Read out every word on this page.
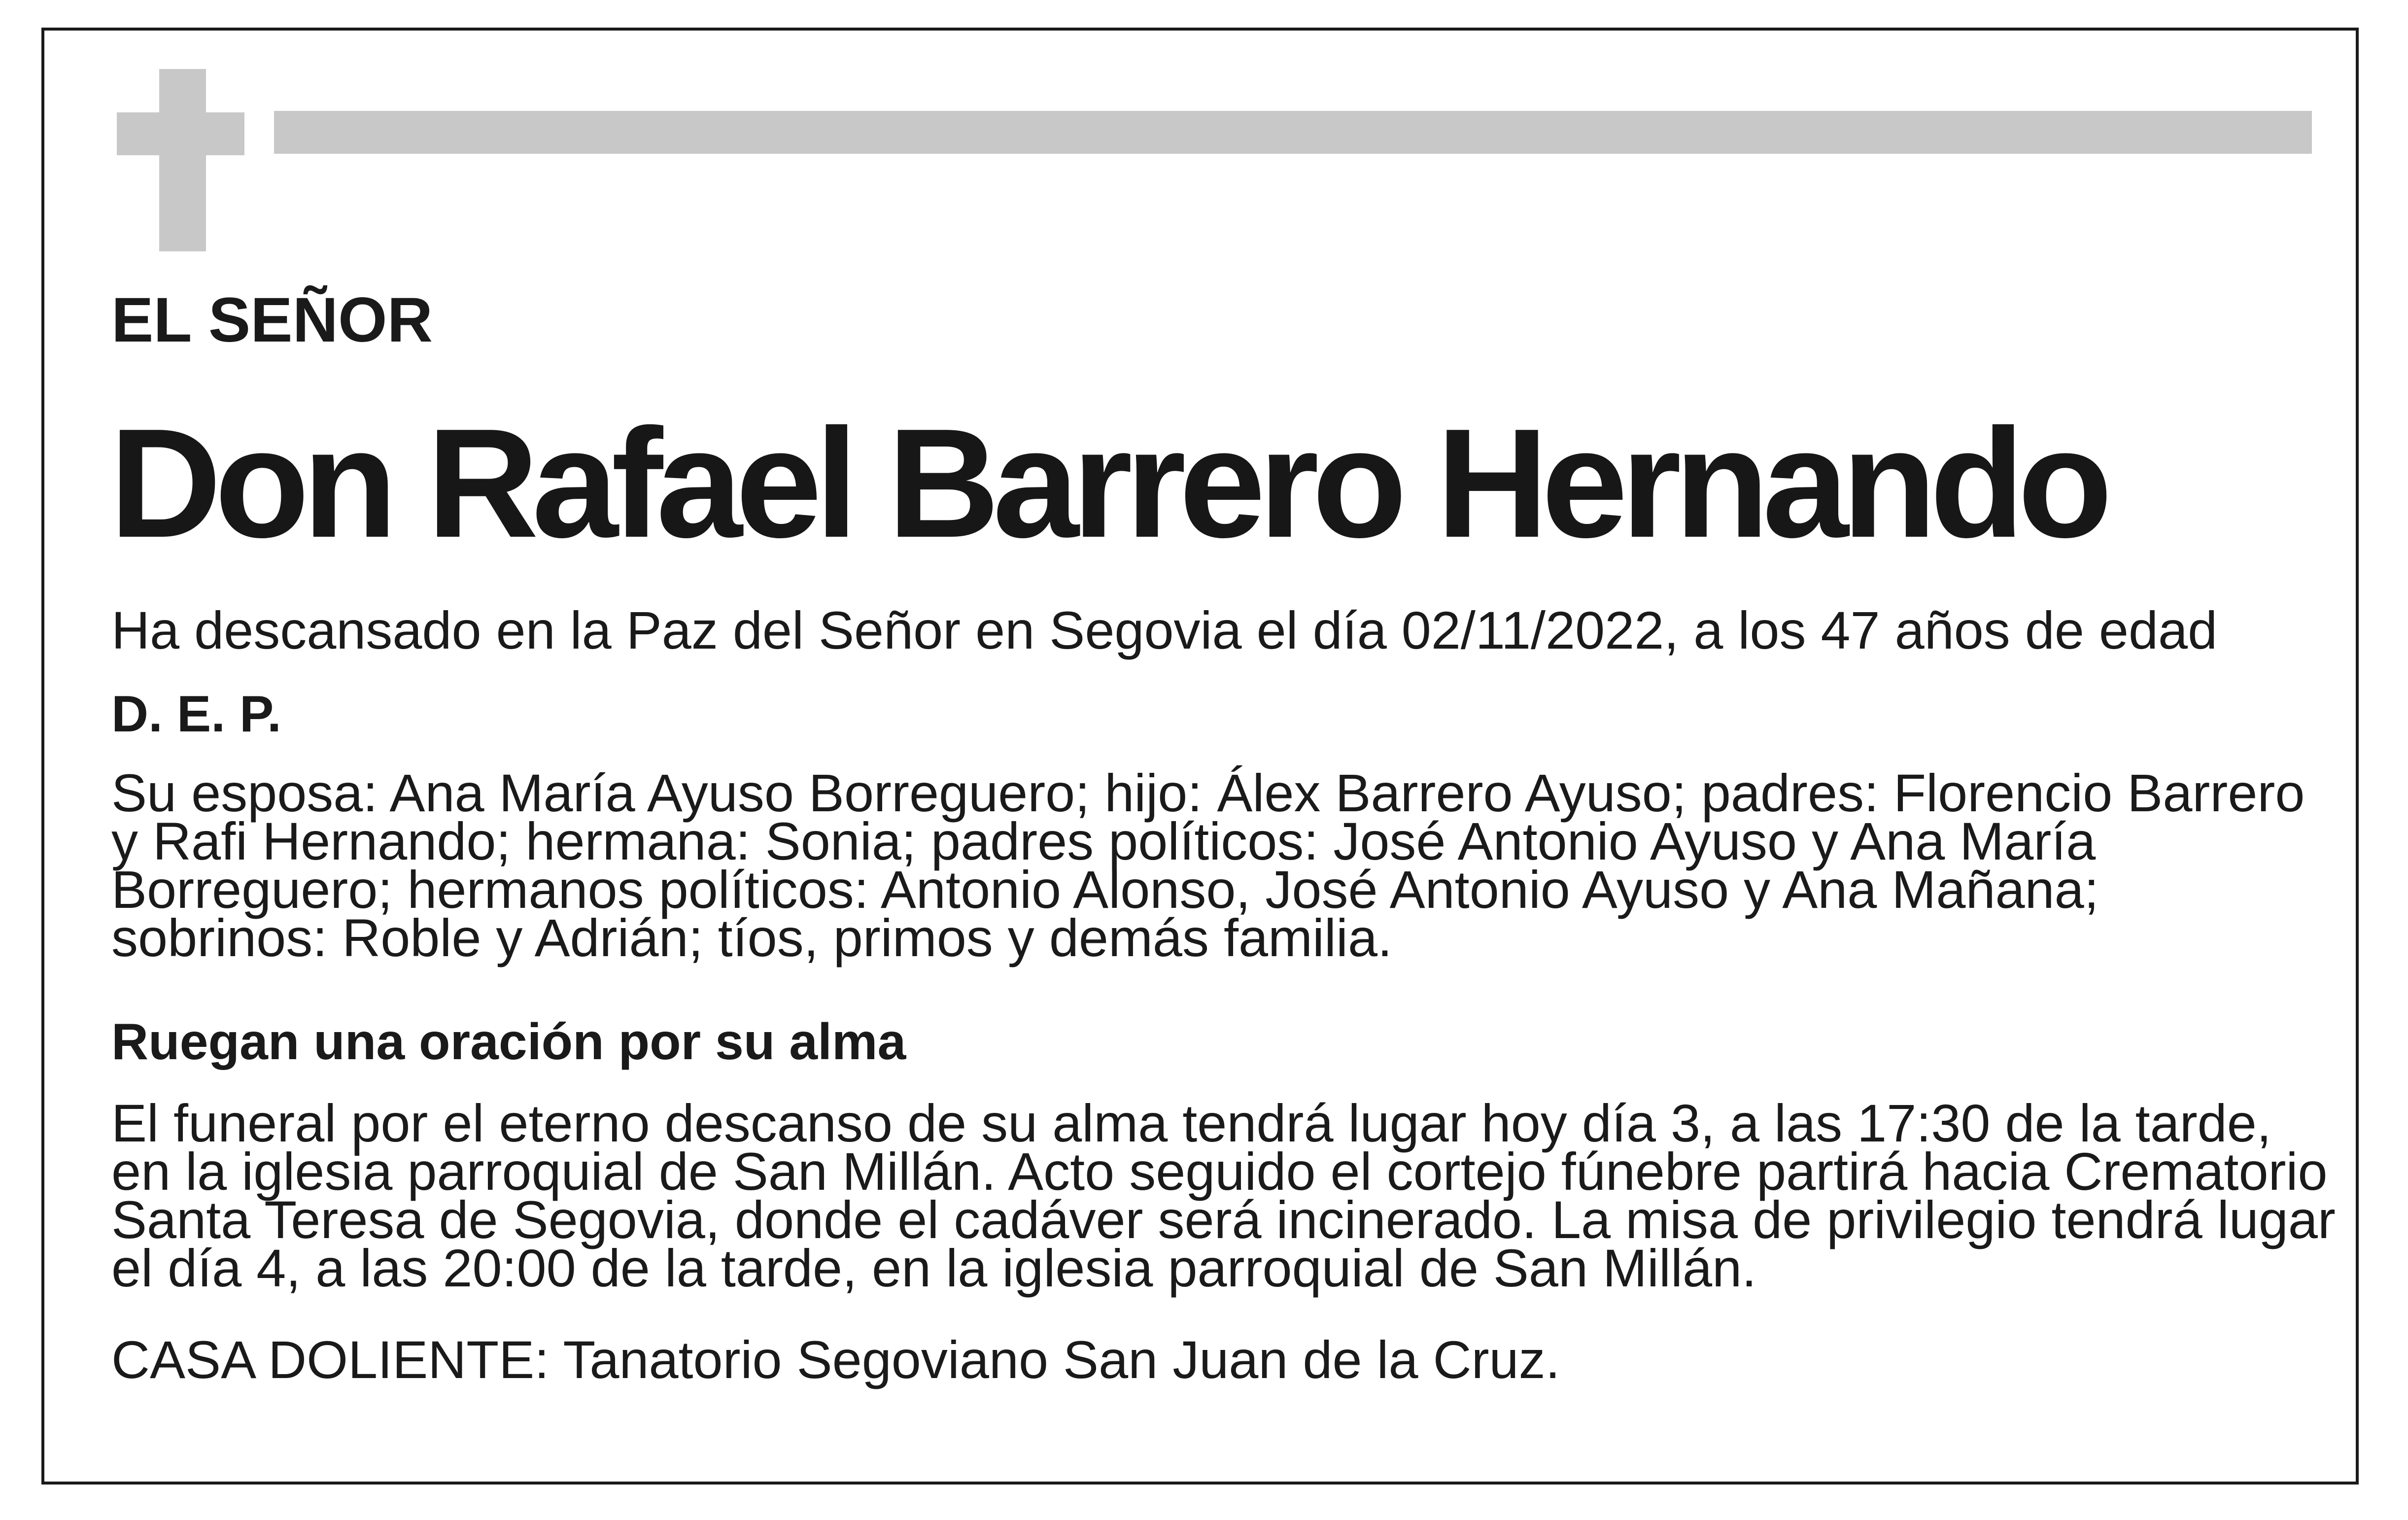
EL SEÑOR
Don Rafael Barrero Hernando
Ha descansado en la Paz del Señor en Segovia el día 02/11/2022, a los 47 años de edad
D. E. P.
Su esposa: Ana María Ayuso Borreguero; hijo: Álex Barrero Ayuso; padres: Florencio Barrero
y Rafi Hernando; hermana: Sonia; padres políticos: José Antonio Ayuso y Ana María
Borreguero; hermanos políticos: Antonio Alonso, José Antonio Ayuso y Ana Mañana;
sobrinos: Roble y Adrián; tíos, primos y demás familia.
Ruegan una oración por su alma
El funeral por el eterno descanso de su alma tendrá lugar hoy día 3, a las 17:30 de la tarde,
en la iglesia parroquial de San Millán. Acto seguido el cortejo fúnebre partirá hacia Crematorio
Santa Teresa de Segovia, donde el cadáver será incinerado. La misa de privilegio tendrá lugar
el día 4, a las 20:00 de la tarde, en la iglesia parroquial de San Millán.
CASA DOLIENTE: Tanatorio Segoviano San Juan de la Cruz.
